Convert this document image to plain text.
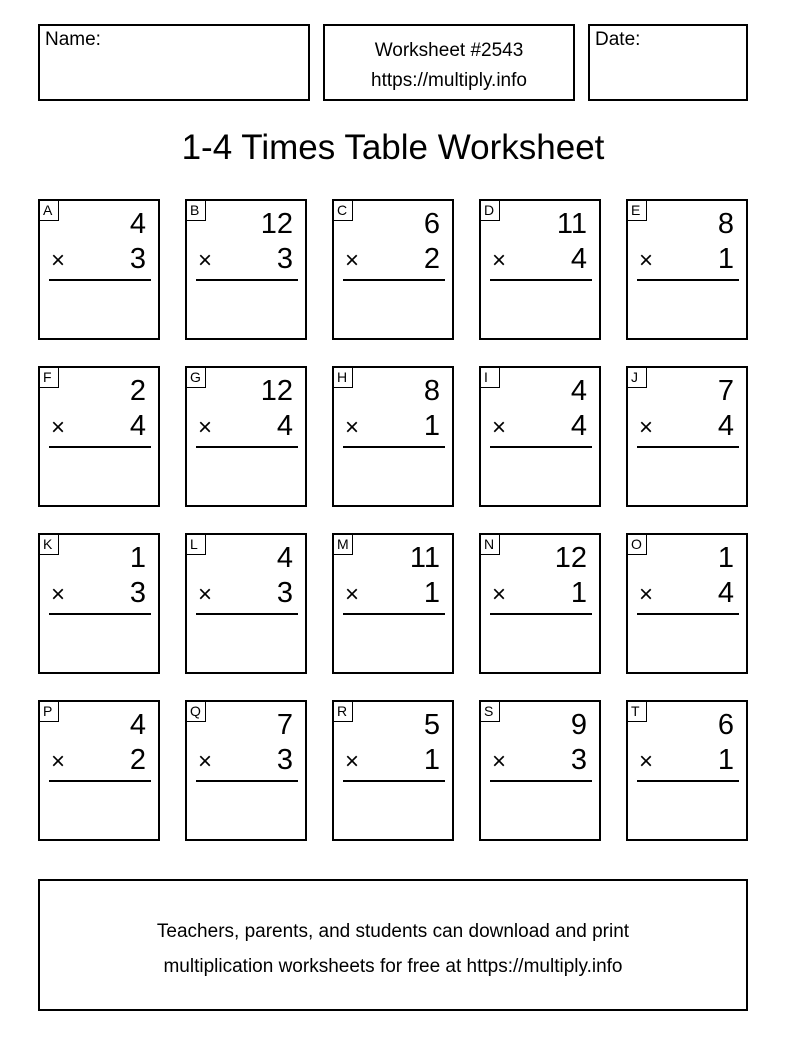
Name:
Worksheet #2543
https://multiply.info
Date:
1-4 Times Table Worksheet
A	4
× 3
B 12
× 3
C	6
× 2
D 11
× 4
E	8
× 1
F	2
× 4
G 12
× 4
H	8
× 1
I	4
× 4
J	7
× 4
K	1
× 3
L	4
× 3
M 11
× 1
N 12
× 1
O	1
× 4
P	4
× 2
Q	7
× 3
R	5
× 1
S	9
× 3
T	6
× 1
Teachers, parents, and students can download and print
multiplication worksheets for free at https://multiply.info
